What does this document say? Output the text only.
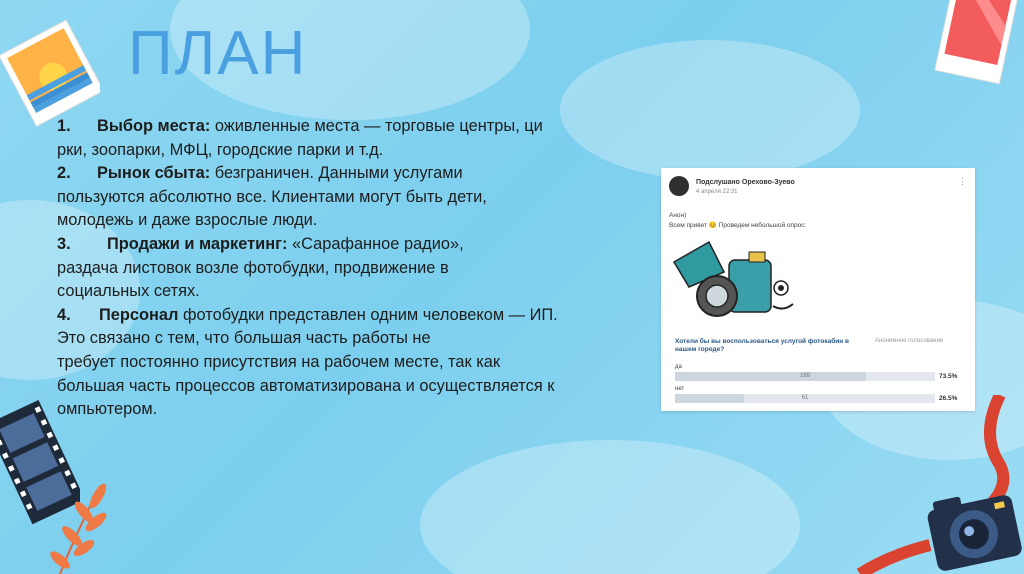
ПЛАН

1. Выбор места: оживленные места — торговые центры, ци
рки, зоопарки, МФЦ, городские парки и т.д.

2. Рынок сбыта: безграничен. Данными услугами
пользуются абсолютно все. Клиентами могут быть дети,
молодежь и даже взрослые люди.

3. Продажи и маркетинг: «Сарафанное радио»,
раздача листовок возле фотобудки, продвижение в
социальных сетях.

4. Персонал фотобудки представлен одним человеком — ИП.
Это связано с тем, что большая часть работы не
требует постоянно присутствия на рабочем месте, так как
большая часть процессов автоматизирована и осуществляется к
омпьютером.

Подслушано Орехово-Зуево
4 апреля 22:31
⋮
Анон)
Всем привет 😊 Проведем небольшой опрос:
Хотели бы вы воспользоваться услугой фотокабин в нашем городе?
Анонимное голосование
да
169	73.5%
нет
61	26.5%
